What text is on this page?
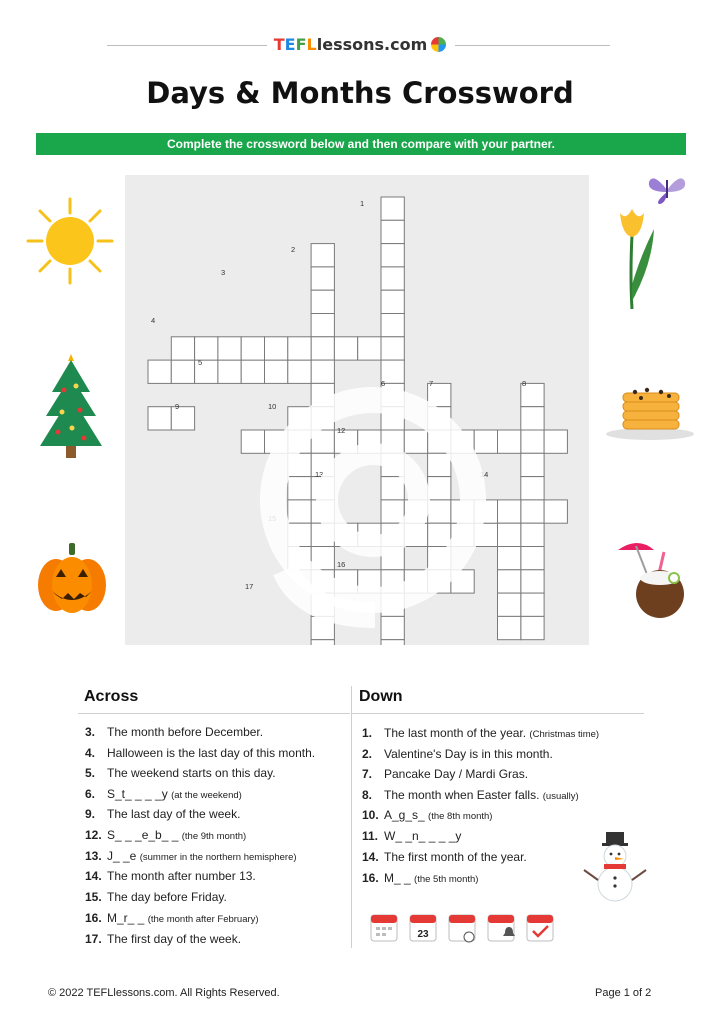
TEFLlessons.com
Days & Months Crossword
Complete the crossword below and then compare with your partner.
23
1
2
3
4
5
6	7	8
9	10
12
13	14
15
16
17
Across	Down
3. The month before December.
4. Halloween is the last day of this month.
5. The weekend starts on this day.
6. S_t_ _ _ _y (at the weekend)
9. The last day of the week.
12. S_ _ _e_b_ _ (the 9th month)
13. J_ _e (summer in the northern hemisphere)
14. The month after number 13.
15. The day before Friday.
16. M_r_ _ (the month after February)
17. The first day of the week.
1. The last month of the year. (Christmas time)
2. Valentine's Day is in this month.
7. Pancake Day / Mardi Gras.
8. The month when Easter falls. (usually)
10. A_g_s_ (the 8th month)
11. W_ _n_ _ _ _y
14. The first month of the year.
16. M_ _ (the 5th month)
© 2022 TEFLlessons.com. All Rights Reserved.	Page 1 of 2
